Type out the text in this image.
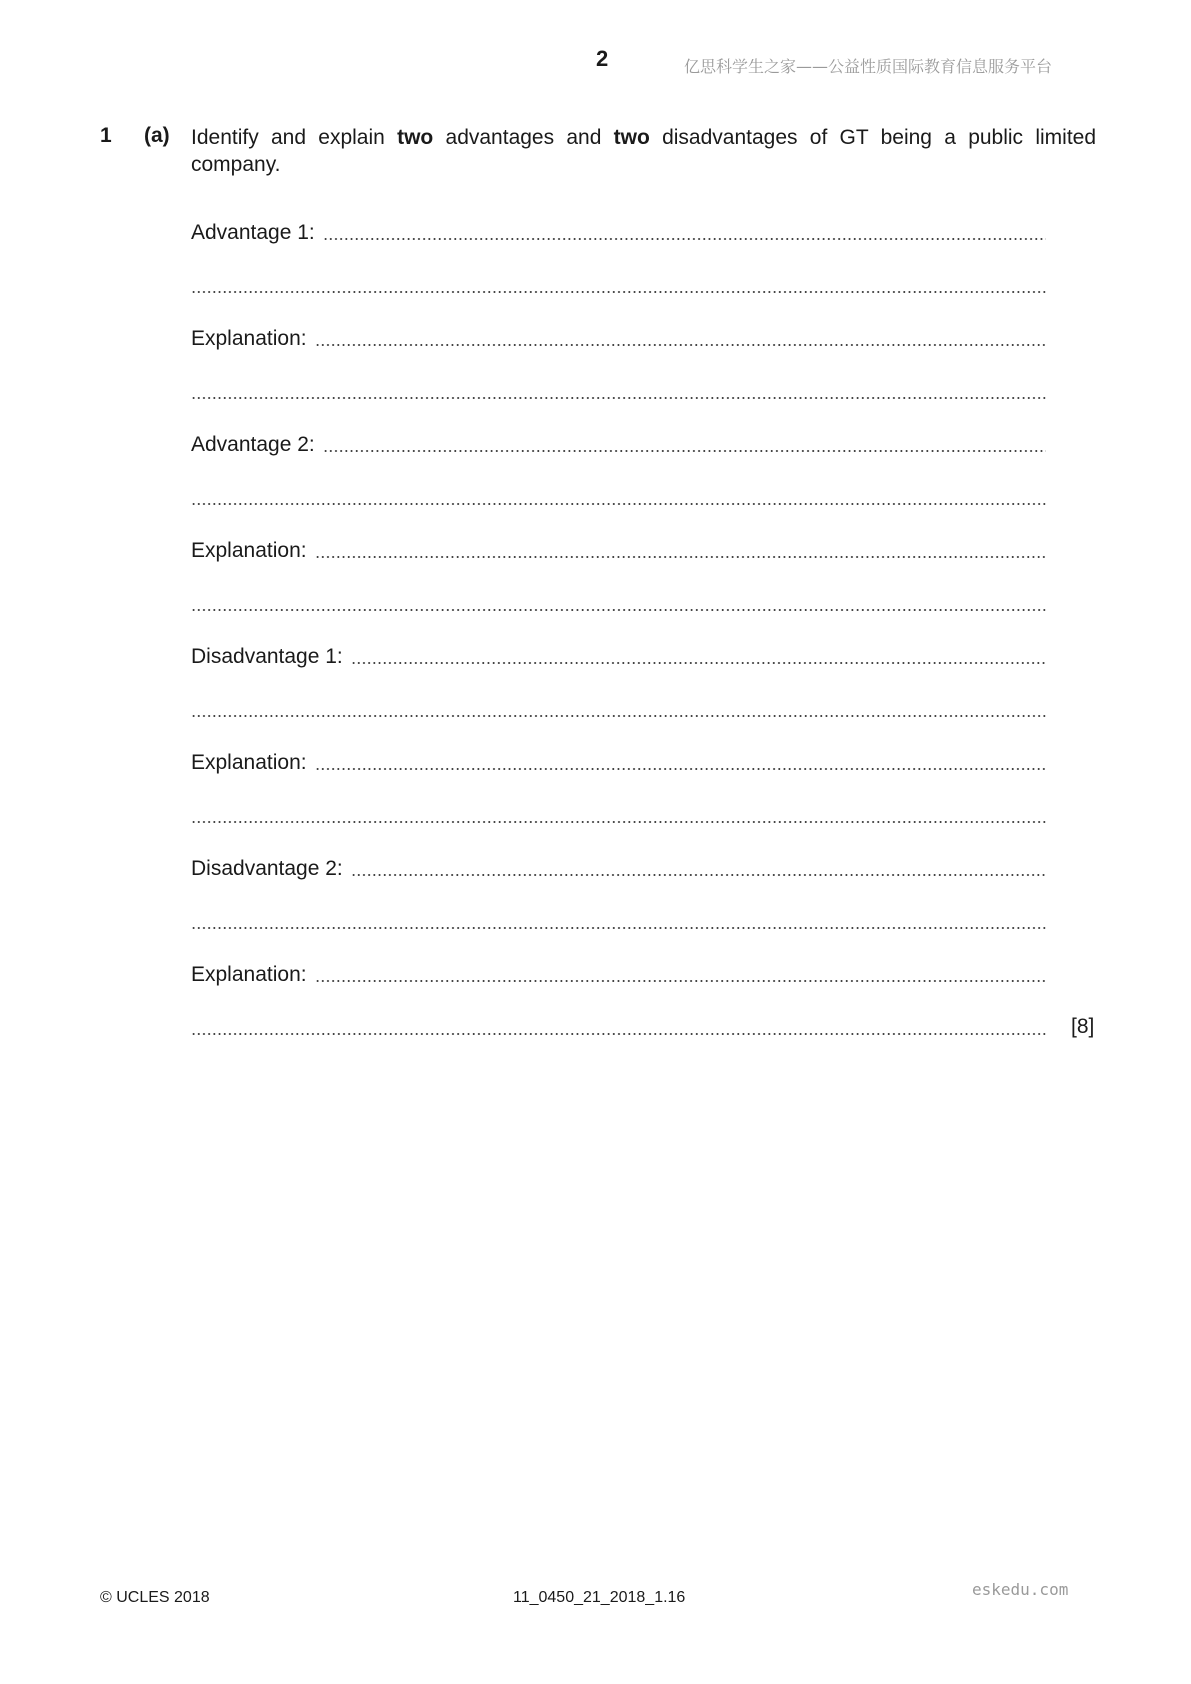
2	亿思科学生之家——公益性质国际教育信息服务平台
1 (a) Identify and explain two advantages and two disadvantages of GT being a public limited company.
Advantage 1:
Explanation:
Advantage 2:
Explanation:
Disadvantage 1:
Explanation:
Disadvantage 2:
Explanation:
[8]
© UCLES 2018	11_0450_21_2018_1.16	eskedu.com
